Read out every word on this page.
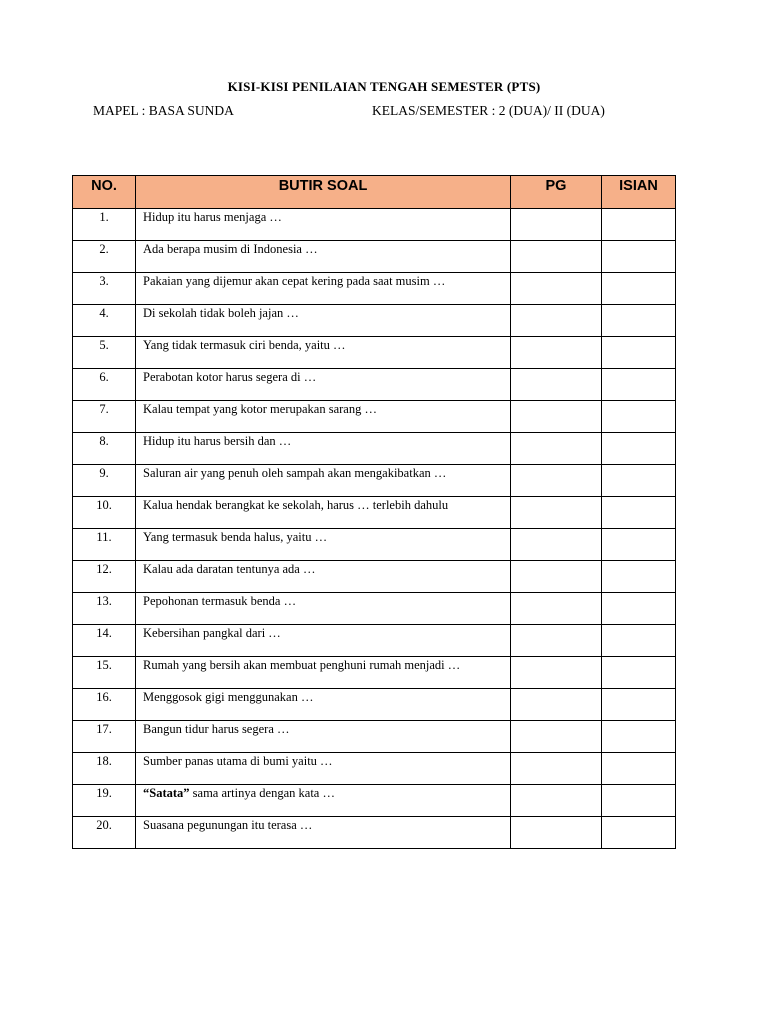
KISI-KISI PENILAIAN TENGAH SEMESTER (PTS)
MAPEL : BASA SUNDA	KELAS/SEMESTER : 2 (DUA)/ II (DUA)
NO.	BUTIR SOAL	PG	ISIAN
1.	Hidup itu harus menjaga …		
2.	Ada berapa musim di Indonesia …		
3.	Pakaian yang dijemur akan cepat kering pada saat musim …		
4.	Di sekolah tidak boleh jajan …		
5.	Yang tidak termasuk ciri benda, yaitu …		
6.	Perabotan kotor harus segera di …		
7.	Kalau tempat yang kotor merupakan sarang …		
8.	Hidup itu harus bersih dan …		
9.	Saluran air yang penuh oleh sampah akan mengakibatkan …		
10.	Kalua hendak berangkat ke sekolah, harus … terlebih dahulu		
11.	Yang termasuk benda halus, yaitu …		
12.	Kalau ada daratan tentunya ada …		
13.	Pepohonan termasuk benda …		
14.	Kebersihan pangkal dari …		
15.	Rumah yang bersih akan membuat penghuni rumah menjadi …		
16.	Menggosok gigi menggunakan …		
17.	Bangun tidur harus segera …		
18.	Sumber panas utama di bumi yaitu …		
19.	“Satata” sama artinya dengan kata …		
20.	Suasana pegunungan itu terasa …		
